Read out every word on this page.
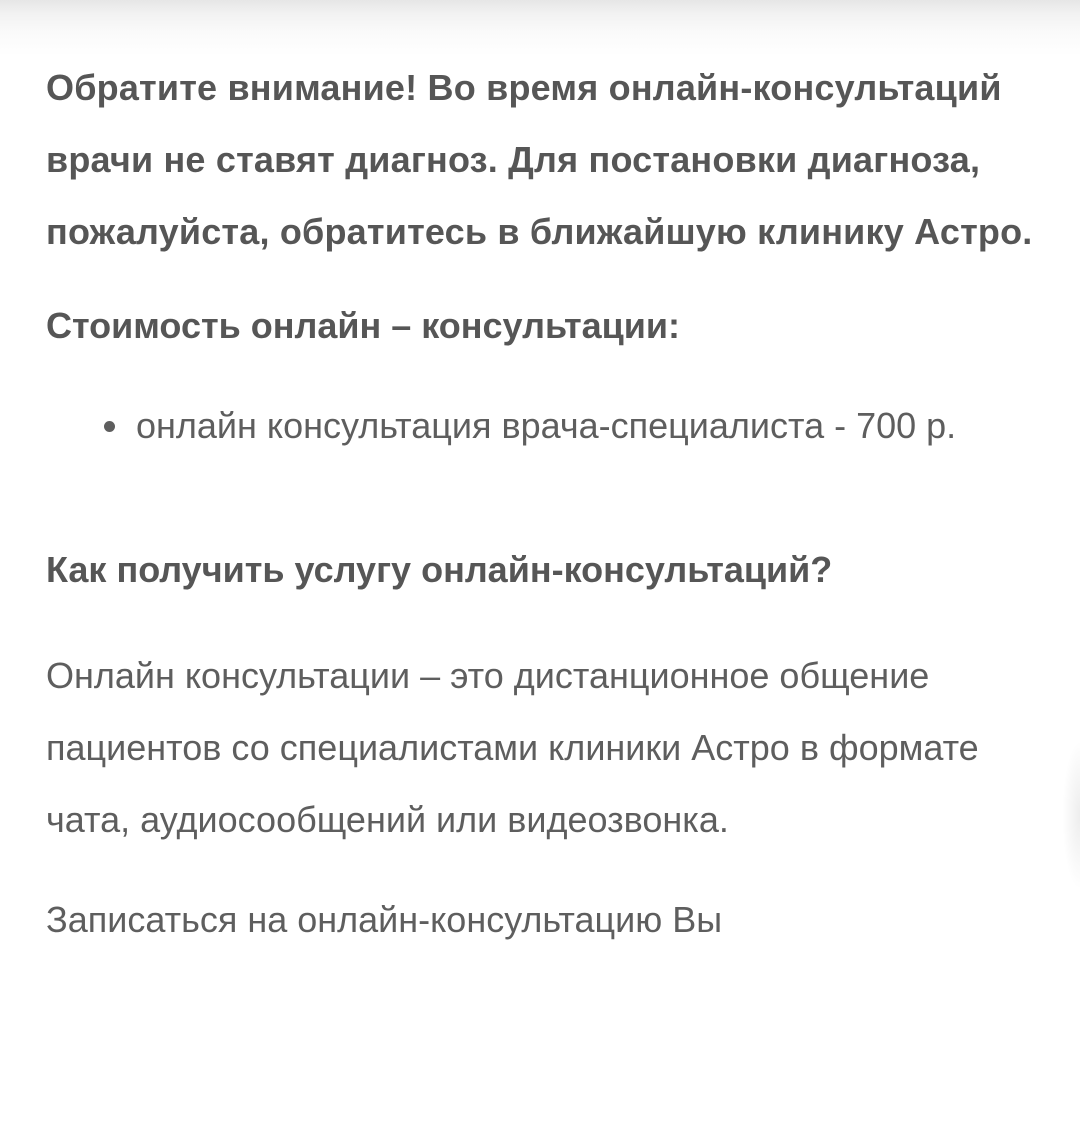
Обратите внимание! Во время онлайн-консультаций врачи не ставят диагноз. Для постановки диагноза, пожалуйста, обратитесь в ближайшую клинику Астро.

Стоимость онлайн – консультации:

онлайн консультация врача-специалиста - 700 р.

Как получить услугу онлайн-консультаций?

Онлайн консультации – это дистанционное общение пациентов со специалистами клиники Астро в формате чата, аудиосообщений или видеозвонка.

Записаться на онлайн-консультацию Вы
